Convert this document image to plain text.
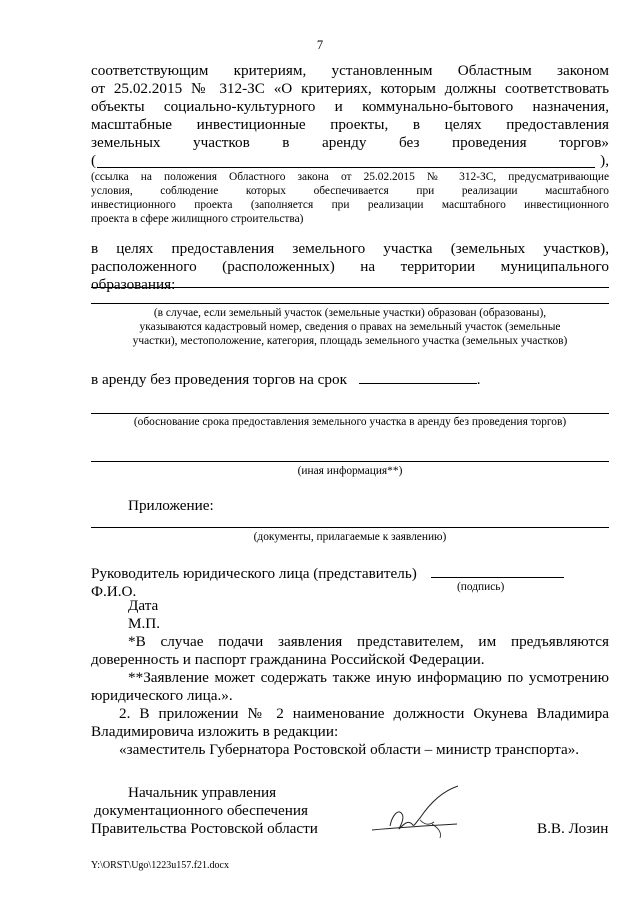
7
соответствующим критериям, установленным Областным законом
от 25.02.2015 № 312-ЗС «О критериях, которым должны соответствовать
объекты социально-культурного и коммунально-бытового назначения,
масштабные инвестиционные проекты, в целях предоставления
земельных участков в аренду без проведения торгов»
(	),
(ссылка на положения Областного закона от 25.02.2015 № 312-ЗС, предусматривающие
условия, соблюдение которых обеспечивается при реализации масштабного
инвестиционного проекта (заполняется при реализации масштабного инвестиционного
проекта в сфере жилищного строительства)
в целях предоставления земельного участка (земельных участков),
расположенного (расположенных) на территории муниципального образования:
(в случае, если земельный участок (земельные участки) образован (образованы),
указываются кадастровый номер, сведения о правах на земельный участок (земельные
участки), местоположение, категория, площадь земельного участка (земельных участков)
в аренду без проведения торгов на срок	.
(обоснование срока предоставления земельного участка в аренду без проведения торгов)
(иная информация**)
Приложение:
(документы, прилагаемые к заявлению)
Руководитель юридического лица (представитель)  Ф.И.О.	(подпись)
Дата
М.П.
*В случае подачи заявления представителем, им предъявляются
доверенность и паспорт гражданина Российской Федерации.
**Заявление может содержать также иную информацию по усмотрению
юридического лица.».
2. В приложении № 2 наименование должности Окунева Владимира
Владимировича изложить в редакции:
«заместитель Губернатора Ростовской области – министр транспорта».
Начальник управления
документационного обеспечения
Правительства Ростовской области	В.В. Лозин
Y:\ORST\Ugo\1223u157.f21.docx
